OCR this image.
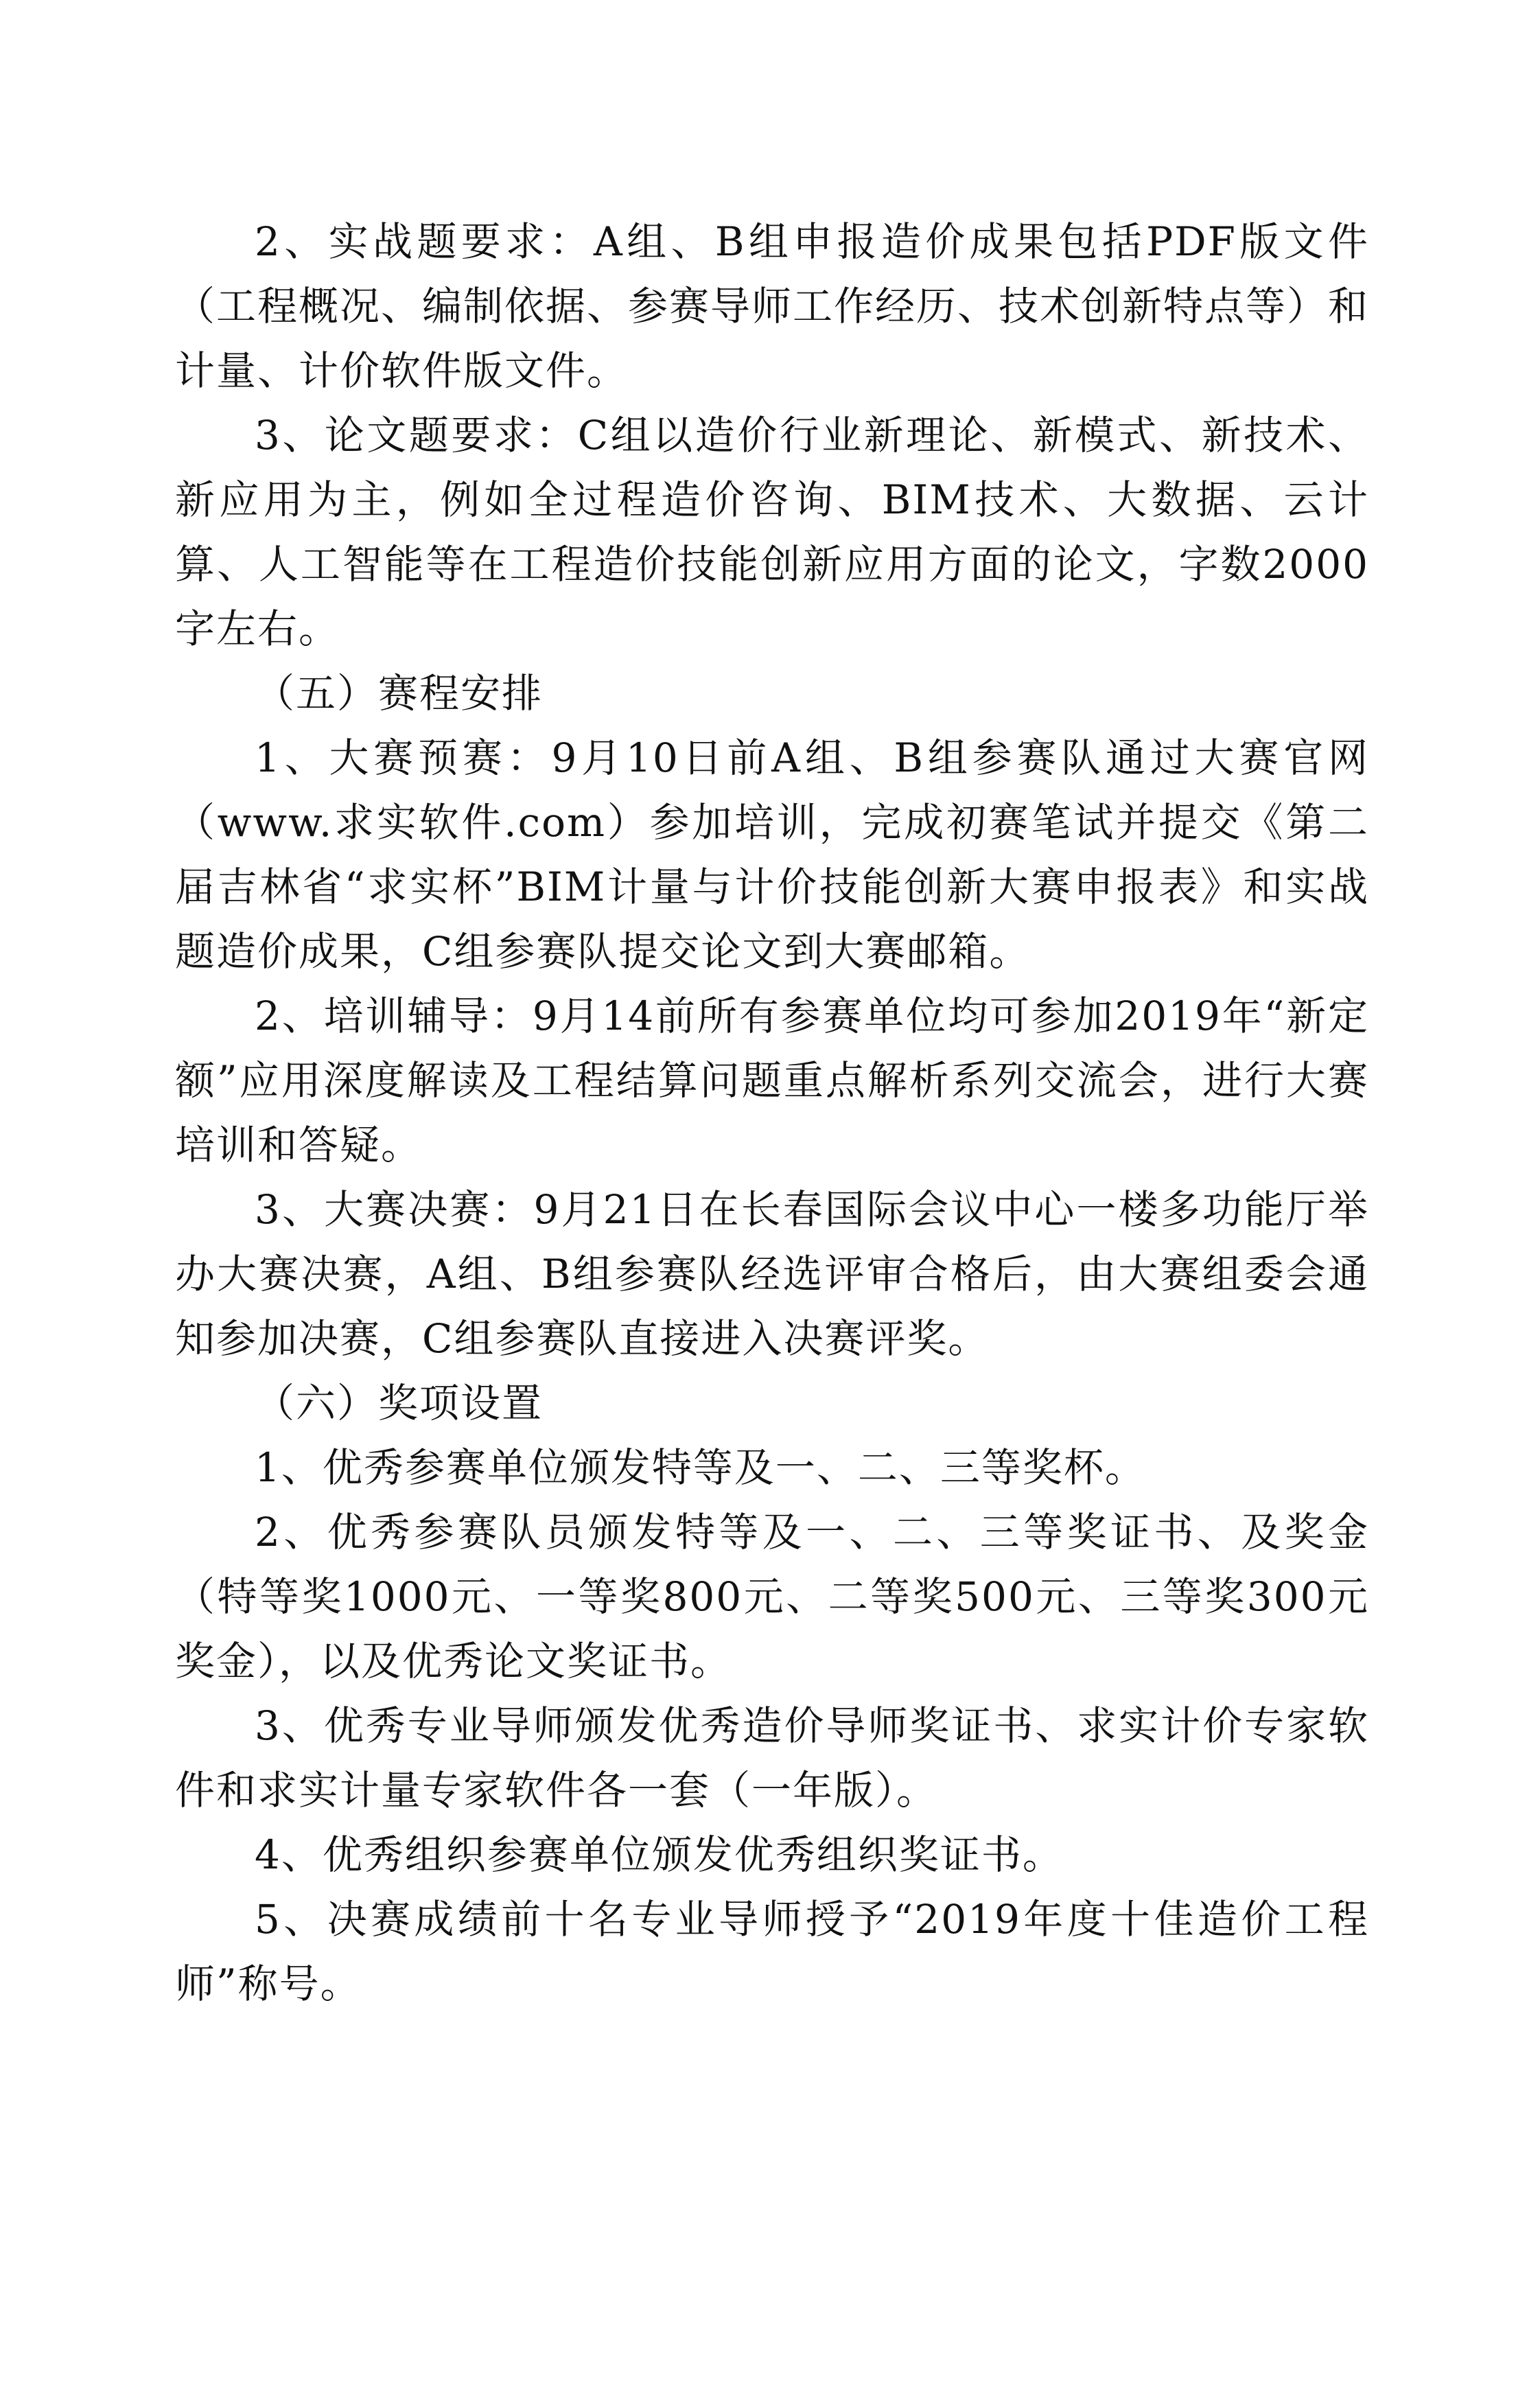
2、实战题要求：A组、B组申报造价成果包括PDF版文件（工程概况、编制依据、参赛导师工作经历、技术创新特点等）和计量、计价软件版文件。

3、论文题要求：C组以造价行业新理论、新模式、新技术、新应用为主，例如全过程造价咨询、BIM技术、大数据、云计算、人工智能等在工程造价技能创新应用方面的论文，字数2000字左右。

（五）赛程安排

1、大赛预赛：9月10日前A组、B组参赛队通过大赛官网（www.求实软件.com）参加培训，完成初赛笔试并提交《第二届吉林省“求实杯”BIM计量与计价技能创新大赛申报表》和实战题造价成果，C组参赛队提交论文到大赛邮箱。

2、培训辅导：9月14前所有参赛单位均可参加2019年“新定额”应用深度解读及工程结算问题重点解析系列交流会，进行大赛培训和答疑。

3、大赛决赛：9月21日在长春国际会议中心一楼多功能厅举办大赛决赛，A组、B组参赛队经选评审合格后，由大赛组委会通知参加决赛，C组参赛队直接进入决赛评奖。

（六）奖项设置

1、优秀参赛单位颁发特等及一、二、三等奖杯。

2、优秀参赛队员颁发特等及一、二、三等奖证书、及奖金（特等奖1000元、一等奖800元、二等奖500元、三等奖300元奖金），以及优秀论文奖证书。

3、优秀专业导师颁发优秀造价导师奖证书、求实计价专家软件和求实计量专家软件各一套（一年版）。

4、优秀组织参赛单位颁发优秀组织奖证书。

5、决赛成绩前十名专业导师授予“2019年度十佳造价工程师”称号。
